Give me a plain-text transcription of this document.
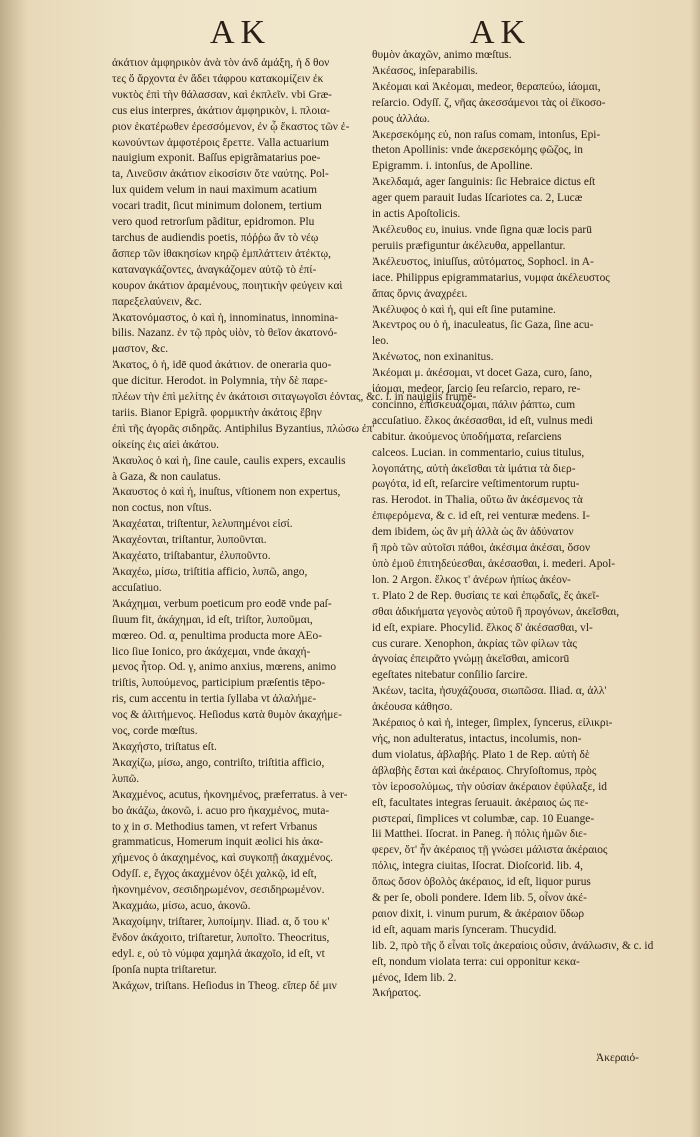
AK	AK
ἀκάτιον ἀμφηρικὸν ἀνὰ τὸν ἀνδ ἀμάξη, ἡ δ θον
τες ὅ ἄρχοντα ἐν ἄδει τάφρου κατακομίζειν ἐκ
νυκτὸς ἐπὶ τὴν θάλασσαν, καὶ ἐκπλεῖν. vbi Græ-
cus eius interpres, ἀκάτιον ἀμφηρικὸν, i. πλοια-
ριον ἑκατέρωθεν ἐρεσσόμενον, ἐν ᾧ ἔκαστος τῶν ἐ-
κωνούντων ἀμφοτέροις ἔρεττε. Valla actuarium
nauigium exponit. Baſſus epigrãmatarius poe-
ta, Λινεῦσιν ἀκάτιον εἰκοσίσιν ὅτε ναύτης. Pol-
lux quidem velum in naui maximum acatium
vocari tradit, ſicut minimum dolonem, tertium
vero quod retrorſum pãditur, epidromon. Plu
tarchus de audiendis poetis, πόῤῥω ἄν τὸ νέῳ
ἄσπερ τῶν ἰθακησίων κηρῷ ἐμπλάττειν ἀτέκτῳ,
καταναγκάζοντες, ἀναγκάζομεν αὐτῷ τὸ ἐπί-
κουρον ἀκάτιον ἀραμένους, ποιητικὴν φεύγειν καὶ
παρεξελαύνειν, &c.
Ἀκατονόμαστος, ὁ καὶ ἡ, innominatus, innomina-
bilis. Nazanz. ἐν τῷ πρὸς υἱὸν, τὸ θεῖον ἀκατονό-
μαστον, &c.
Ἀκατος, ὁ ἡ, idē quod ἀκάτιον. de oneraria quo-
que dicitur. Herodot. in Polymnia, τὴν δὲ παρε-
πλέων τὴν ἐπὶ μελίτης ἐν ἀκάτοισι σιταγωγοῖσι ἐόντας, &c. i. in nauigiis frumē-
tariis. Bianor Epigrã. φορμικτὴν ἀκάτοις ἔβην
ἐπὶ τῆς ἀγορᾶς σιδηρᾶς. Antiphilus Byzantius, πλώσω ἐπ'
οἰκείης ἐις αἰεὶ ἀκάτου.
Ἀκαυλος ὁ καὶ ἡ, ſine caule, caulis expers, excaulis
à Gaza, & non caulatus.
Ἀκαυστος ὁ καὶ ἡ, inuſtus, vſtionem non expertus,
non coctus, non vſtus.
Ἀκαχέαται, triſtentur, λελυπημένοι εἰσί.
Ἀκαχέονται, triſtantur, λυποῦνται.
Ἀκαχέατο, triſtabantur, ἐλυποῦντο.
Ἀκαχέω, μίσω, triſtitia afficio, λυπῶ, ango,
accuſatiuo.
Ἀκάχημαι, verbum poeticum pro eodē vnde paſ-
ſiuum fit, ἀκάχημαι, id eſt, triſtor, λυποῦμαι,
mœreo. Od. α, penultima producta more AEo-
lico ſiue Ionico, pro ἀκάχεμαι, vnde ἀκαχή-
μενος ἦτορ. Od. γ, animo anxius, mœrens, animo
triſtis, λυπούμενος, participium præſentis tēpo-
ris, cum accentu in tertia ſyllaba vt ἀλαλήμε-
νος & ἀλιτήμενος. Heſiodus κατὰ θυμὸν ἀκαχήμε-
νος, corde mœſtus.
Ἀκαχήστο, triſtatus eſt.
Ἀκαχίζω, μίσω, ango, contriſto, triſtitia afficio,
λυπῶ.
Ἀκαχμένος, acutus, ἠκονημένος, præferratus. à ver-
bo ἀκάζω, ἀκονῶ, i. acuo pro ἠκαχμένος, muta-
to χ in σ. Methodius tamen, vt refert Vrbanus
grammaticus, Homerum inquit æolici his ἀκα-
χήμενος ὁ ἀκαχημένος, καὶ συγκοπῇ ἀκαχμένος.
Odyſſ. ε, ἔγχος ἀκαχμένον ὀξέι χαλκῷ, id eſt,
ἠκονημένον, σεσιδηρωμένον, σεσιδηρωμένον.
Ἀκαχμάω, μίσω, acuo, ἀκονῶ.
Ἀκαχοίμην, triſtarer, λυποίμην. Iliad. α, ὅ του κ'
ἔνδον ἀκάχοιτο, triſtaretur, λυποῖτο. Theocritus,
edyl. ε, οὐ τὸ νύμφα χαμηλά ἀκαχοῖο, id eſt, vt
ſponſa nupta triſtaretur.
Ἀκάχων, triſtans. Heſiodus in Theog. εἴπερ δέ μιν
θυμὸν ἀκαχῶν, animo mœſtus.
Ἀκέασος, inſeparabilis.
Ἀκέομαι καὶ Ἀκέομαι, medeor, θεραπεύω, ἰάομαι,
reſarcio. Odyſſ. ζ, νῆας ἀκεσσάμενοι τὰς οἱ ἐϊκοσο-
ρους ἀλλάω.
Ἀκερσεκόμης εὐ, non raſus comam, intonſus, Epi-
theton Apollinis: vnde ἀκερσεκόμης φῶζος, in
Epigramm. i. intonſus, de Apolline.
Ἀκελδαμά, ager ſanguinis: ſic Hebraice dictus eſt
ager quem parauit Iudas Iſcariotes ca. 2, Lucæ
in actis Apoſtolicis.
Ἀκέλευθος ευ, inuius. vnde ſigna quæ locis parū
peruiis præfiguntur ἀκέλευθα, appellantur.
Ἀκέλευστος, iniuſſus, αὐτόματος, Sophocl. in A-
iace. Philippus epigrammatarius, νυμφα ἀκέλευστος
ἄπας ὄρνις ἀναχρέει.
Ἀκέλυφος ὁ καὶ ἡ, qui eſt ſine putamine.
Ἀκεντρος ου ὁ ἡ, inaculeatus, ſic Gaza, ſine acu-
leo.
Ἀκένωτος, non exinanitus.
Ἀκέομαι μ. ἀκέσομαι, vt docet Gaza, curo, ſano,
ἰάομαι, medeor, ſarcio ſeu reſarcio, reparo, re-
concinno, ἐπισκευάζομαι, πάλιν ῥάπτω, cum
accuſatiuo. ἕλκος ἀκέσασθαι, id eſt, vulnus medi
cabitur. ἀκούμενος ὑποδήματα, reſarciens
calceos. Lucian. in commentario, cuius titulus,
λογοπάτης, αὐτὴ ἀκεῖσθαι τὰ ἱμάτια τὰ διερ-
ρωγότα, id eſt, reſarcire veſtimentorum ruptu-
ras. Herodot. in Thalia, οὕτω ἄν ἀκέσμενος τὰ
ἐπιφερόμενα, & c. id eſt, rei venturæ medens. I-
dem ibidem, ὡς ἂν μὴ ἀλλὰ ὡς ἂν ἀδύνατον
ἢ πρὸ τῶν αὐτοῖσι πάθοι, ἀκέσιμα ἀκέσαι, ὅσον
ὑπὸ ἐμοῦ ἐπιτηδεύεσθαι, ἀκέσασθαι, i. mederi. Apol-
lon. 2 Argon. ἕλκος τ' ἀνέρων ἠπίως ἀκέον-
τ. Plato 2 de Rep. θυσίαις τε καὶ ἐπῳδαῖς, ἔς ἀκεῖ-
σθαι ἀδικήματα γεγονὸς αὐτοῦ ἢ προγόνων, ἀκεῖσθαι,
id eſt, expiare. Phocylid. ἕλκος δ' ἀκέσασθαι, vl-
cus curare. Xenophon, ἀκρίας τῶν φίλων τὰς
ἀγνοίας ἐπειρᾶτο γνώμῃ ἀκεῖσθαι, amicorū
egeſtates nitebatur conſilio ſarcire.
Ἀκέων, tacita, ἡσυχάζουσα, σιωπῶσα. Iliad. α, ἀλλ'
ἀκέουσα κάθησο.
Ἀκέραιος ὁ καὶ ἡ, integer, ſimplex, ſyncerus, εἰλικρι-
νής, non adulteratus, intactus, incolumis, non-
dum violatus, ἀβλαβής. Plato 1 de Rep. αὐτὴ δὲ
ἀβλαβὴς ἔσται καὶ ἀκέραιος. Chryſoſtomus, πρὸς
τὸν ἱεροσολύμως, τὴν οὐσίαν ἀκέραιον ἐφύλαξε, id
eſt, facultates integras ſeruauit. ἀκέραιος ὡς πε-
ριστεραί, ſimplices vt columbæ, cap. 10 Euange-
lii Matthei. Iſocrat. in Paneg. ἡ πόλις ἡμῶν διε-
φερεν, ὅτ' ἦν ἀκέραιος τῇ γνώσει μάλιστα ἀκέραιος
πόλις, integra ciuitas, Iſocrat. Dioſcorid. lib. 4,
ὅπως ὅσον ὀβολὸς ἀκέραιος, id eſt, liquor purus
& per ſe, oboli pondere. Idem lib. 5, οἶνον ἀκέ-
ραιον dixit, i. vinum purum, & ἀκέραιον ὕδωρ
id eſt, aquam maris ſynceram. Thucydid.
lib. 2, πρὸ τῆς ὅ εἶναι τοῖς ἀκεραίοις οὖσιν, ἀνάλωσιν, & c. id
eſt, nondum violata terra: cui opponitur κεκα-
μένος, Idem lib. 2.
Ἀκήρατος.
Ἀκεραιό-
